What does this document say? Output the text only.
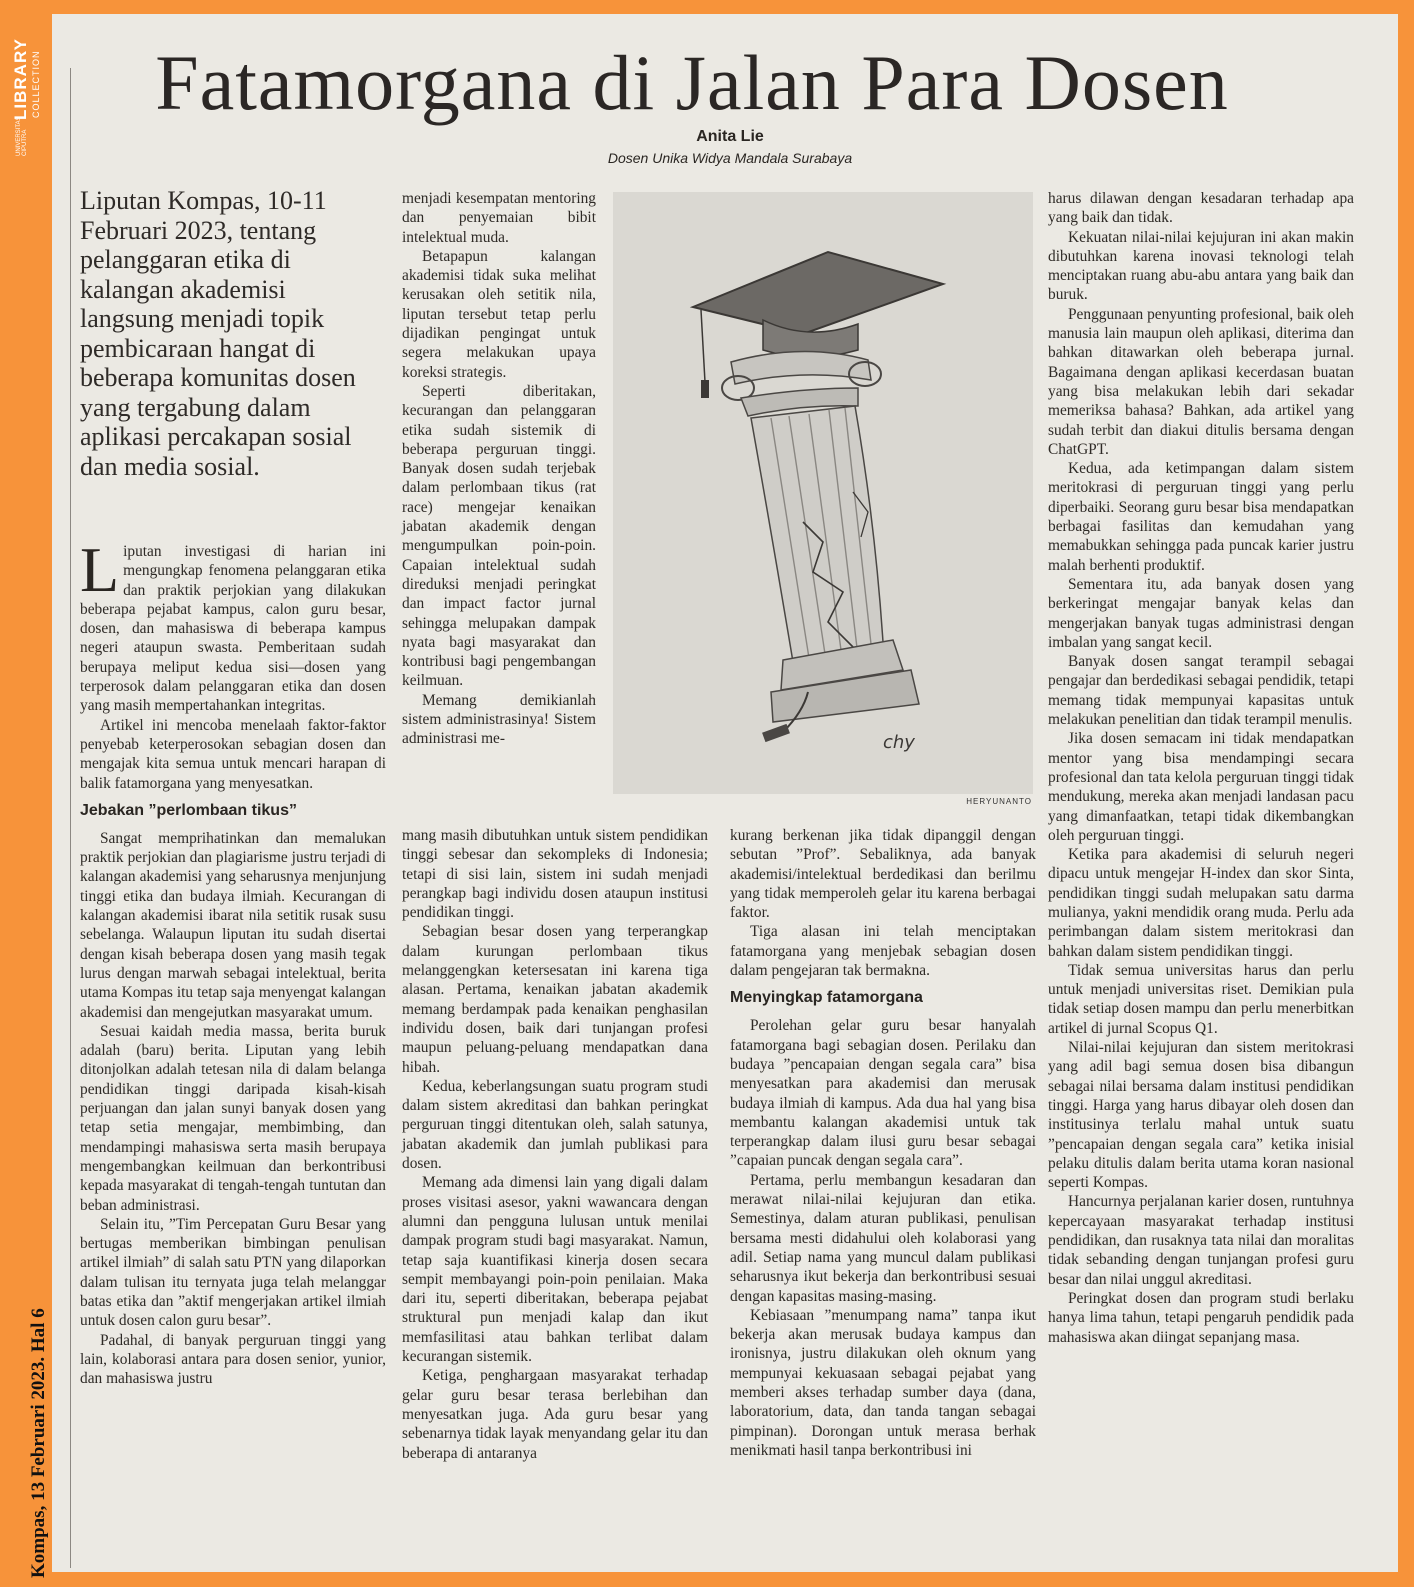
UNIVERSITAS CIPUTRA
LIBRARY COLLECTION
Kompas, 13 Februari 2023. Hal 6
Fatamorgana di Jalan Para Dosen
Anita Lie
Dosen Unika Widya Mandala Surabaya

Liputan Kompas, 10-11 Februari 2023, tentang pelanggaran etika di kalangan akademisi langsung menjadi topik pembicaraan hangat di beberapa komunitas dosen yang tergabung dalam aplikasi percakapan sosial dan media sosial.

Liputan investigasi di harian ini mengungkap fenomena pelanggaran etika dan praktik perjokian yang dilakukan beberapa pejabat kampus, calon guru besar, dosen, dan mahasiswa di beberapa kampus negeri ataupun swasta. Pemberitaan sudah berupaya meliput kedua sisi—dosen yang terperosok dalam pelanggaran etika dan dosen yang masih mempertahankan integritas.

Artikel ini mencoba menelaah faktor-faktor penyebab keterperosokan sebagian dosen dan mengajak kita semua untuk mencari harapan di balik fatamorgana yang menyesatkan.

Jebakan ”perlombaan tikus”

Sangat memprihatinkan dan memalukan praktik perjokian dan plagiarisme justru terjadi di kalangan akademisi yang seharusnya menjunjung tinggi etika dan budaya ilmiah. Kecurangan di kalangan akademisi ibarat nila setitik rusak susu sebelanga. Walaupun liputan itu sudah disertai dengan kisah beberapa dosen yang masih tegak lurus dengan marwah sebagai intelektual, berita utama Kompas itu tetap saja menyengat kalangan akademisi dan mengejutkan masyarakat umum.

Sesuai kaidah media massa, berita buruk adalah (baru) berita. Liputan yang lebih ditonjolkan adalah tetesan nila di dalam belanga pendidikan tinggi daripada kisah-kisah perjuangan dan jalan sunyi banyak dosen yang tetap setia mengajar, membimbing, dan mendampingi mahasiswa serta masih berupaya mengembangkan keilmuan dan berkontribusi kepada masyarakat di tengah-tengah tuntutan dan beban administrasi.

Selain itu, ”Tim Percepatan Guru Besar yang bertugas memberikan bimbingan penulisan artikel ilmiah” di salah satu PTN yang dilaporkan dalam tulisan itu ternyata juga telah melanggar batas etika dan ”aktif mengerjakan artikel ilmiah untuk dosen calon guru besar”.

Padahal, di banyak perguruan tinggi yang lain, kolaborasi antara para dosen senior, yunior, dan mahasiswa justru

menjadi kesempatan mentoring dan penyemaian bibit intelektual muda.

Betapapun kalangan akademisi tidak suka melihat kerusakan oleh setitik nila, liputan tersebut tetap perlu dijadikan pengingat untuk segera melakukan upaya koreksi strategis.

Seperti diberitakan, kecurangan dan pelanggaran etika sudah sistemik di beberapa perguruan tinggi. Banyak dosen sudah terjebak dalam perlombaan tikus (rat race) mengejar kenaikan jabatan akademik dengan mengumpulkan poin-poin. Capaian intelektual sudah direduksi menjadi peringkat dan impact factor jurnal sehingga melupakan dampak nyata bagi masyarakat dan kontribusi bagi pengembangan keilmuan.

Memang demikianlah sistem administrasinya! Sistem administrasi me-	chy
HERYUNANTO

mang masih dibutuhkan untuk sistem pendidikan tinggi sebesar dan sekompleks di Indonesia; tetapi di sisi lain, sistem ini sudah menjadi perangkap bagi individu dosen ataupun institusi pendidikan tinggi.

Sebagian besar dosen yang terperangkap dalam kurungan perlombaan tikus melanggengkan ketersesatan ini karena tiga alasan. Pertama, kenaikan jabatan akademik memang berdampak pada kenaikan penghasilan individu dosen, baik dari tunjangan profesi maupun peluang-peluang mendapatkan dana hibah.

Kedua, keberlangsungan suatu program studi dalam sistem akreditasi dan bahkan peringkat perguruan tinggi ditentukan oleh, salah satunya, jabatan akademik dan jumlah publikasi para dosen.

Memang ada dimensi lain yang digali dalam proses visitasi asesor, yakni wawancara dengan alumni dan pengguna lulusan untuk menilai dampak program studi bagi masyarakat. Namun, tetap saja kuantifikasi kinerja dosen secara sempit membayangi poin-poin penilaian. Maka dari itu, seperti diberitakan, beberapa pejabat struktural pun menjadi kalap dan ikut memfasilitasi atau bahkan terlibat dalam kecurangan sistemik.

Ketiga, penghargaan masyarakat terhadap gelar guru besar terasa berlebihan dan menyesatkan juga. Ada guru besar yang sebenarnya tidak layak menyandang gelar itu dan beberapa di antaranya

kurang berkenan jika tidak dipanggil dengan sebutan ”Prof”. Sebaliknya, ada banyak akademisi/intelektual berdedikasi dan berilmu yang tidak memperoleh gelar itu karena berbagai faktor.

Tiga alasan ini telah menciptakan fatamorgana yang menjebak sebagian dosen dalam pengejaran tak bermakna.

Menyingkap fatamorgana

Perolehan gelar guru besar hanyalah fatamorgana bagi sebagian dosen. Perilaku dan budaya ”pencapaian dengan segala cara” bisa menyesatkan para akademisi dan merusak budaya ilmiah di kampus. Ada dua hal yang bisa membantu kalangan akademisi untuk tak terperangkap dalam ilusi guru besar sebagai ”capaian puncak dengan segala cara”.

Pertama, perlu membangun kesadaran dan merawat nilai-nilai kejujuran dan etika. Semestinya, dalam aturan publikasi, penulisan bersama mesti didahului oleh kolaborasi yang adil. Setiap nama yang muncul dalam publikasi seharusnya ikut bekerja dan berkontribusi sesuai dengan kapasitas masing-masing.

Kebiasaan ”menumpang nama” tanpa ikut bekerja akan merusak budaya kampus dan ironisnya, justru dilakukan oleh oknum yang mempunyai kekuasaan sebagai pejabat yang memberi akses terhadap sumber daya (dana, laboratorium, data, dan tanda tangan sebagai pimpinan). Dorongan untuk merasa berhak menikmati hasil tanpa berkontribusi ini

harus dilawan dengan kesadaran terhadap apa yang baik dan tidak.

Kekuatan nilai-nilai kejujuran ini akan makin dibutuhkan karena inovasi teknologi telah menciptakan ruang abu-abu antara yang baik dan buruk.

Penggunaan penyunting profesional, baik oleh manusia lain maupun oleh aplikasi, diterima dan bahkan ditawarkan oleh beberapa jurnal. Bagaimana dengan aplikasi kecerdasan buatan yang bisa melakukan lebih dari sekadar memeriksa bahasa? Bahkan, ada artikel yang sudah terbit dan diakui ditulis bersama dengan ChatGPT.

Kedua, ada ketimpangan dalam sistem meritokrasi di perguruan tinggi yang perlu diperbaiki. Seorang guru besar bisa mendapatkan berbagai fasilitas dan kemudahan yang memabukkan sehingga pada puncak karier justru malah berhenti produktif.

Sementara itu, ada banyak dosen yang berkeringat mengajar banyak kelas dan mengerjakan banyak tugas administrasi dengan imbalan yang sangat kecil.

Banyak dosen sangat terampil sebagai pengajar dan berdedikasi sebagai pendidik, tetapi memang tidak mempunyai kapasitas untuk melakukan penelitian dan tidak terampil menulis.

Jika dosen semacam ini tidak mendapatkan mentor yang bisa mendampingi secara profesional dan tata kelola perguruan tinggi tidak mendukung, mereka akan menjadi landasan pacu yang dimanfaatkan, tetapi tidak dikembangkan oleh perguruan tinggi.

Ketika para akademisi di seluruh negeri dipacu untuk mengejar H-index dan skor Sinta, pendidikan tinggi sudah melupakan satu darma mulianya, yakni mendidik orang muda. Perlu ada perimbangan dalam sistem meritokrasi dan bahkan dalam sistem pendidikan tinggi.

Tidak semua universitas harus dan perlu untuk menjadi universitas riset. Demikian pula tidak setiap dosen mampu dan perlu menerbitkan artikel di jurnal Scopus Q1.

Nilai-nilai kejujuran dan sistem meritokrasi yang adil bagi semua dosen bisa dibangun sebagai nilai bersama dalam institusi pendidikan tinggi. Harga yang harus dibayar oleh dosen dan institusinya terlalu mahal untuk suatu ”pencapaian dengan segala cara” ketika inisial pelaku ditulis dalam berita utama koran nasional seperti Kompas.

Hancurnya perjalanan karier dosen, runtuhnya kepercayaan masyarakat terhadap institusi pendidikan, dan rusaknya tata nilai dan moralitas tidak sebanding dengan tunjangan profesi guru besar dan nilai unggul akreditasi.

Peringkat dosen dan program studi berlaku hanya lima tahun, tetapi pengaruh pendidik pada mahasiswa akan diingat sepanjang masa.
